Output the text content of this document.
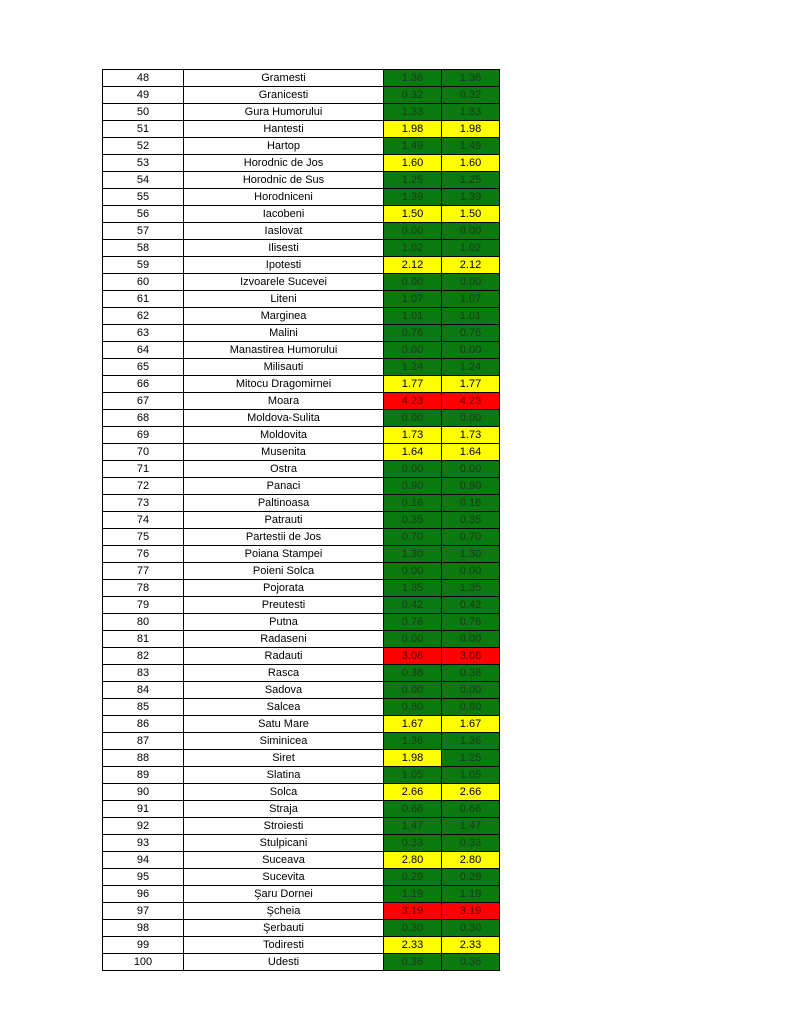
48	Gramesti	1.36	1.36
49	Granicesti	0.32	0.32
50	Gura Humorului	1.33	1.33
51	Hantesti	1.98	1.98
52	Hartop	1.49	1.49
53	Horodnic de Jos	1.60	1.60
54	Horodnic de Sus	1.25	1.25
55	Horodniceni	1.39	1.39
56	Iacobeni	1.50	1.50
57	Iaslovat	0.00	0.00
58	Ilisesti	1.02	1.02
59	Ipotesti	2.12	2.12
60	Izvoarele Sucevei	0.00	0.00
61	Liteni	1.07	1.07
62	Marginea	1.01	1.01
63	Malini	0.76	0.76
64	Manastirea Humorului	0.00	0.00
65	Milisauti	1.24	1.24
66	Mitocu Dragomirnei	1.77	1.77
67	Moara	4.23	4.23
68	Moldova-Sulita	0.00	0.00
69	Moldovita	1.73	1.73
70	Musenita	1.64	1.64
71	Ostra	0.00	0.00
72	Panaci	0.90	0.90
73	Paltinoasa	0.16	0.16
74	Patrauti	0.35	0.35
75	Partestii de Jos	0.70	0.70
76	Poiana Stampei	1.30	1.30
77	Poieni Solca	0.00	0.00
78	Pojorata	1.35	1.35
79	Preutesti	0.42	0.42
80	Putna	0.76	0.76
81	Radaseni	0.00	0.00
82	Radauti	3.08	3.08
83	Rasca	0.38	0.38
84	Sadova	0.00	0.00
85	Salcea	0.80	0.80
86	Satu Mare	1.67	1.67
87	Siminicea	1.36	1.36
88	Siret	1.98	1.25
89	Slatina	1.05	1.05
90	Solca	2.66	2.66
91	Straja	0.66	0.66
92	Stroiesti	1.47	1.47
93	Stulpicani	0.33	0.33
94	Suceava	2.80	2.80
95	Sucevita	0.29	0.29
96	Şaru Dornei	1.19	1.19
97	Şcheia	3.19	3.19
98	Şerbauti	0.30	0.30
99	Todiresti	2.33	2.33
100	Udesti	0.36	0.36
